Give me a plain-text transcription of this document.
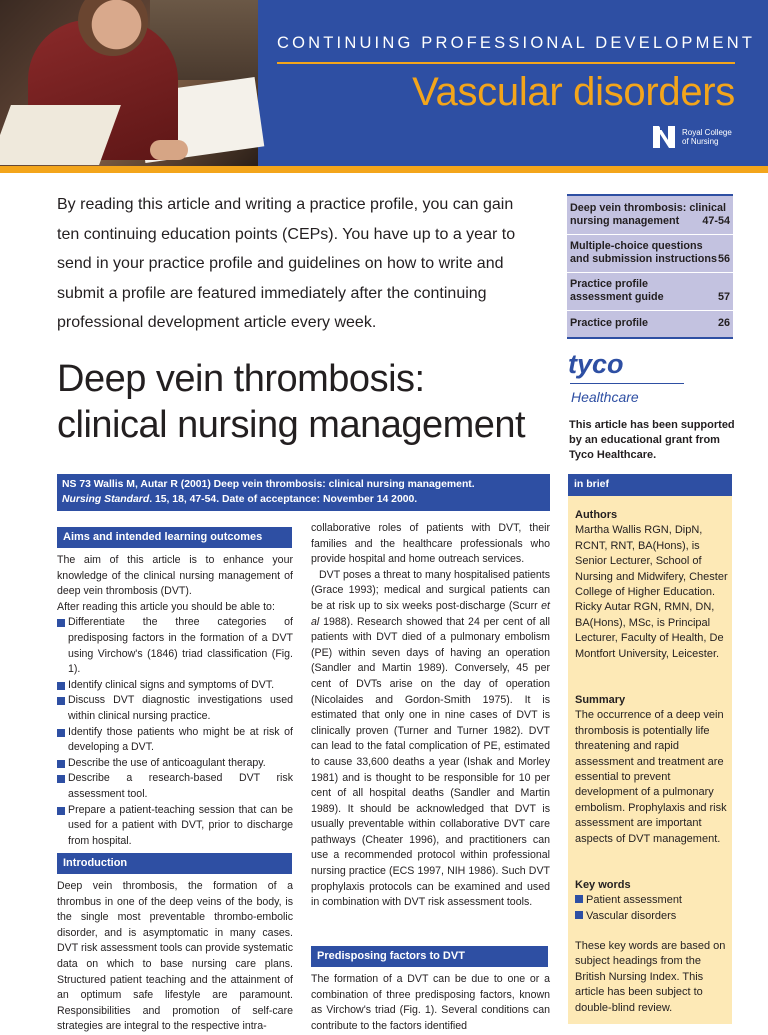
CONTINUING PROFESSIONAL DEVELOPMENT
Vascular disorders
Royal College
of Nursing
By reading this article and writing a practice profile, you can gain ten continuing education points (CEPs). You have up to a year to send in your practice profile and guidelines on how to write and submit a profile are featured immediately after the continuing professional development article every week.
Deep vein thrombosis: clinical nursing management
Deep vein thrombosis: clinical
nursing management	47-54
Multiple-choice questions
and submission instructions 56
Practice profile
assessment guide	57
Practice profile	26
tyco
Healthcare
This article has been supported by an educational grant from Tyco Healthcare.
NS 73 Wallis M, Autar R (2001) Deep vein thrombosis: clinical nursing management.
Nursing Standard. 15, 18, 47-54. Date of acceptance: November 14 2000.
in brief
Authors
Martha Wallis RGN, DipN, RCNT, RNT, BA(Hons), is Senior Lecturer, School of Nursing and Midwifery, Chester College of Higher Education. Ricky Autar RGN, RMN, DN, BA(Hons), MSc, is Principal Lecturer, Faculty of Health, De Montfort University, Leicester.
Summary
The occurrence of a deep vein thrombosis is potentially life threatening and rapid assessment and treatment are essential to prevent development of a pulmonary embolism. Prophylaxis and risk assessment are important aspects of DVT management.
Key words
Patient assessment
Vascular disorders
These key words are based on subject headings from the British Nursing Index. This article has been subject to double-blind review.
Aims and intended learning outcomes

The aim of this article is to enhance your knowledge of the clinical nursing management of deep vein thrombosis (DVT).

After reading this article you should be able to:

Differentiate the three categories of predisposing factors in the formation of a DVT using Virchow's (1846) triad classification (Fig. 1).
Identify clinical signs and symptoms of DVT.
Discuss DVT diagnostic investigations used within clinical nursing practice.
Identify those patients who might be at risk of developing a DVT.
Describe the use of anticoagulant therapy.
Describe a research-based DVT risk assessment tool.
Prepare a patient-teaching session that can be used for a patient with DVT, prior to discharge from hospital.
Introduction
Deep vein thrombosis, the formation of a thrombus in one of the deep veins of the body, is the single most preventable thrombo-embolic disorder, and is asymptomatic in many cases. DVT risk assessment tools can provide systematic data on which to base nursing care plans. Structured patient teaching and the attainment of an optimum safe lifestyle are paramount. Responsibilities and promotion of self-care strategies are integral to the respective intra-

collaborative roles of patients with DVT, their families and the healthcare professionals who provide hospital and home outreach services.

DVT poses a threat to many hospitalised patients (Grace 1993); medical and surgical patients can be at risk up to six weeks post-discharge (Scurr et al 1988). Research showed that 24 per cent of all patients with DVT died of a pulmonary embolism (PE) within seven days of having an operation (Sandler and Martin 1989). Conversely, 45 per cent of DVTs arise on the day of operation (Nicolaides and Gordon-Smith 1975). It is estimated that only one in nine cases of DVT is clinically proven (Turner and Turner 1982). DVT can lead to the fatal complication of PE, estimated to cause 33,600 deaths a year (Ishak and Morley 1981) and is thought to be responsible for 10 per cent of all hospital deaths (Sandler and Martin 1989). It should be acknowledged that DVT is usually preventable within collaborative DVT care pathways (Cheater 1996), and practitioners can use a recommended protocol within professional nursing practice (ECS 1997, NIH 1986). Such DVT prophylaxis protocols can be examined and used in combination with DVT risk assessment tools.

Predisposing factors to DVT
The formation of a DVT can be due to one or a combination of three predisposing factors, known as Virchow's triad (Fig. 1). Several conditions can contribute to the factors identified
